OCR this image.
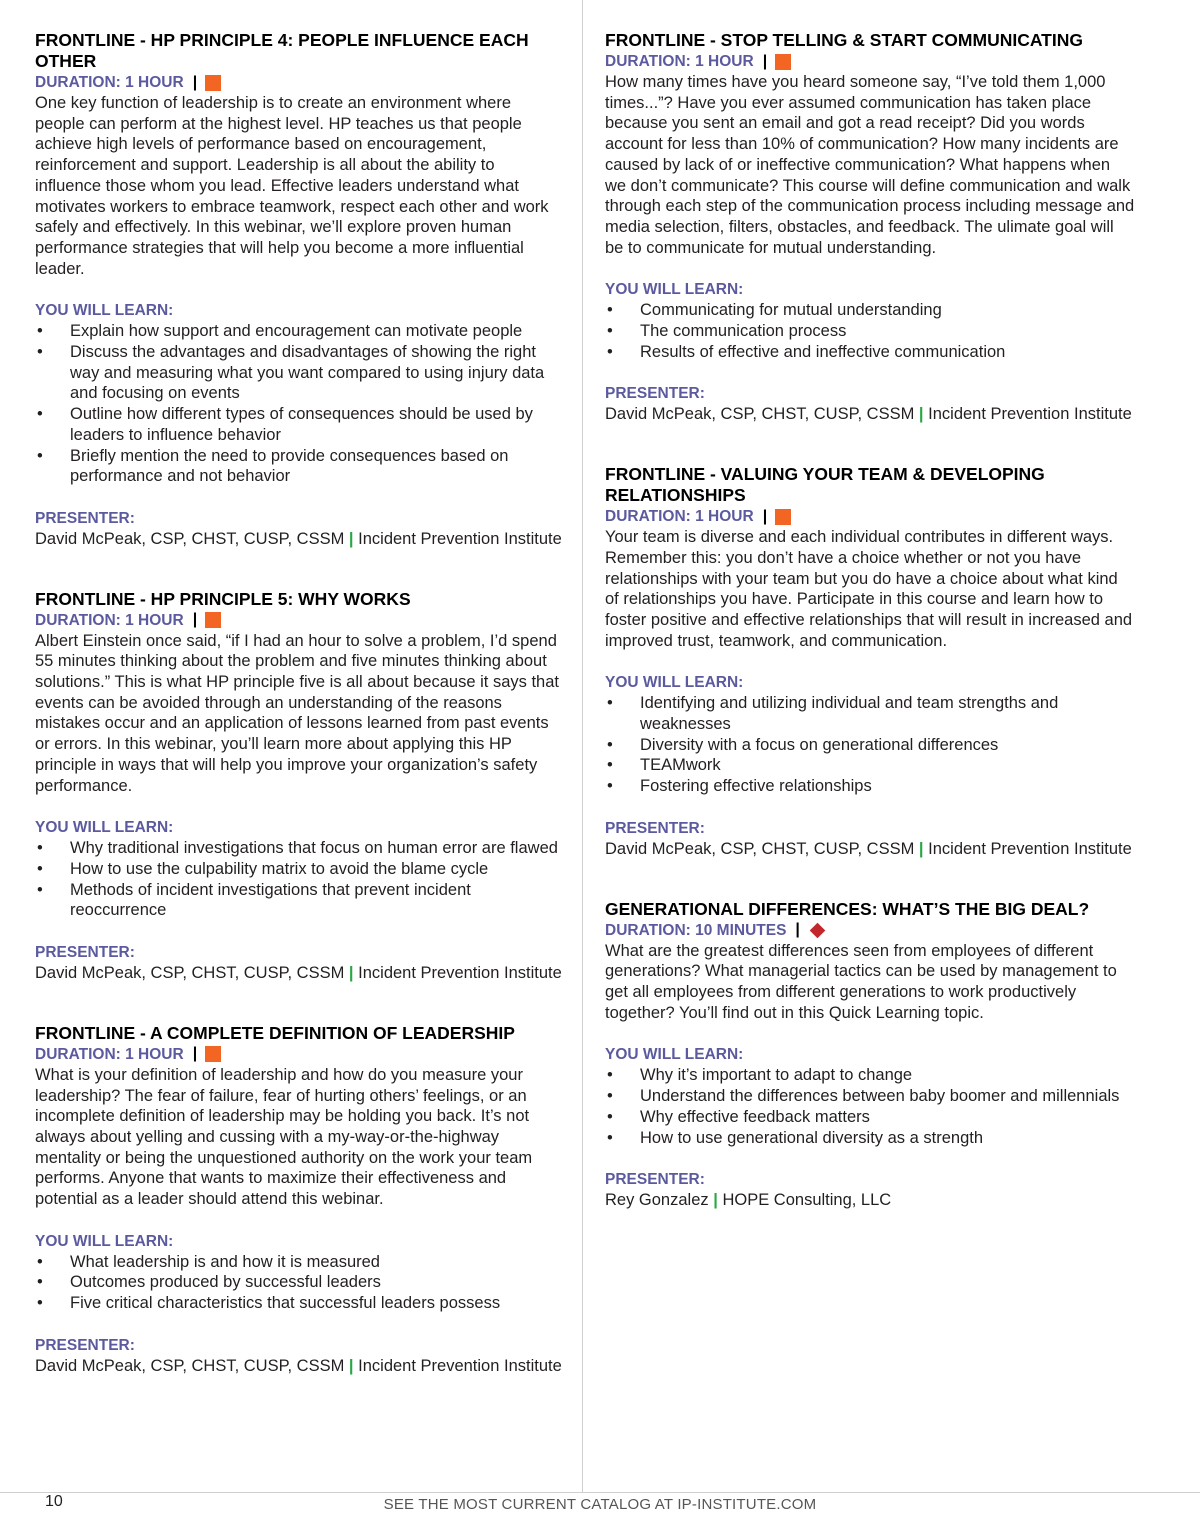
FRONTLINE - HP PRINCIPLE 4: PEOPLE INFLUENCE EACH OTHER
DURATION: 1 HOUR |

One key function of leadership is to create an environment where people can perform at the highest level. HP teaches us that people achieve high levels of performance based on encouragement, reinforcement and support. Leadership is all about the ability to influence those whom you lead. Effective leaders understand what motivates workers to embrace teamwork, respect each other and work safely and effectively. In this webinar, we’ll explore proven human performance strategies that will help you become a more influential leader.

YOU WILL LEARN:
• Explain how support and encouragement can motivate people
• Discuss the advantages and disadvantages of showing the right way and measuring what you want compared to using injury data and focusing on events
• Outline how different types of consequences should be used by leaders to influence behavior
• Briefly mention the need to provide consequences based on performance and not behavior
PRESENTER:
David McPeak, CSP, CHST, CUSP, CSSM | Incident Prevention Institute
FRONTLINE - HP PRINCIPLE 5: WHY WORKS
DURATION: 1 HOUR |

Albert Einstein once said, “if I had an hour to solve a problem, I’d spend 55 minutes thinking about the problem and five minutes thinking about solutions.” This is what HP principle five is all about because it says that events can be avoided through an understanding of the reasons mistakes occur and an application of lessons learned from past events or errors. In this webinar, you’ll learn more about applying this HP principle in ways that will help you improve your organization’s safety performance.

YOU WILL LEARN:
• Why traditional investigations that focus on human error are flawed
• How to use the culpability matrix to avoid the blame cycle
• Methods of incident investigations that prevent incident reoccurrence
PRESENTER:
David McPeak, CSP, CHST, CUSP, CSSM | Incident Prevention Institute
FRONTLINE - A COMPLETE DEFINITION OF LEADERSHIP
DURATION: 1 HOUR |

What is your definition of leadership and how do you measure your leadership? The fear of failure, fear of hurting others’ feelings, or an incomplete definition of leadership may be holding you back. It’s not always about yelling and cussing with a my-way-or-the-highway mentality or being the unquestioned authority on the work your team performs. Anyone that wants to maximize their effectiveness and potential as a leader should attend this webinar.

YOU WILL LEARN:
• What leadership is and how it is measured
• Outcomes produced by successful leaders
• Five critical characteristics that successful leaders possess
PRESENTER:
David McPeak, CSP, CHST, CUSP, CSSM | Incident Prevention Institute
FRONTLINE - STOP TELLING & START COMMUNICATING
DURATION: 1 HOUR |

How many times have you heard someone say, “I’ve told them 1,000 times...”? Have you ever assumed communication has taken place because you sent an email and got a read receipt? Did you words account for less than 10% of communication? How many incidents are caused by lack of or ineffective communication? What happens when we don’t communicate? This course will define communication and walk through each step of the communication process including message and media selection, filters, obstacles, and feedback. The ulimate goal will be to communicate for mutual understanding.

YOU WILL LEARN:
• Communicating for mutual understanding
• The communication process
• Results of effective and ineffective communication
PRESENTER:
David McPeak, CSP, CHST, CUSP, CSSM | Incident Prevention Institute
FRONTLINE - VALUING YOUR TEAM & DEVELOPING RELATIONSHIPS
DURATION: 1 HOUR |

Your team is diverse and each individual contributes in different ways. Remember this: you don’t have a choice whether or not you have relationships with your team but you do have a choice about what kind of relationships you have. Participate in this course and learn how to foster positive and effective relationships that will result in increased and improved trust, teamwork, and communication.

YOU WILL LEARN:
• Identifying and utilizing individual and team strengths and weaknesses
• Diversity with a focus on generational differences
• TEAMwork
• Fostering effective relationships
PRESENTER:
David McPeak, CSP, CHST, CUSP, CSSM | Incident Prevention Institute
GENERATIONAL DIFFERENCES: WHAT’S THE BIG DEAL?
DURATION: 10 MINUTES |

What are the greatest differences seen from employees of different generations? What managerial tactics can be used by management to get all employees from different generations to work productively together? You’ll find out in this Quick Learning topic.

YOU WILL LEARN:
• Why it’s important to adapt to change
• Understand the differences between baby boomer and millennials
• Why effective feedback matters
• How to use generational diversity as a strength
PRESENTER:
Rey Gonzalez | HOPE Consulting, LLC
10	SEE THE MOST CURRENT CATALOG AT IP-INSTITUTE.COM
